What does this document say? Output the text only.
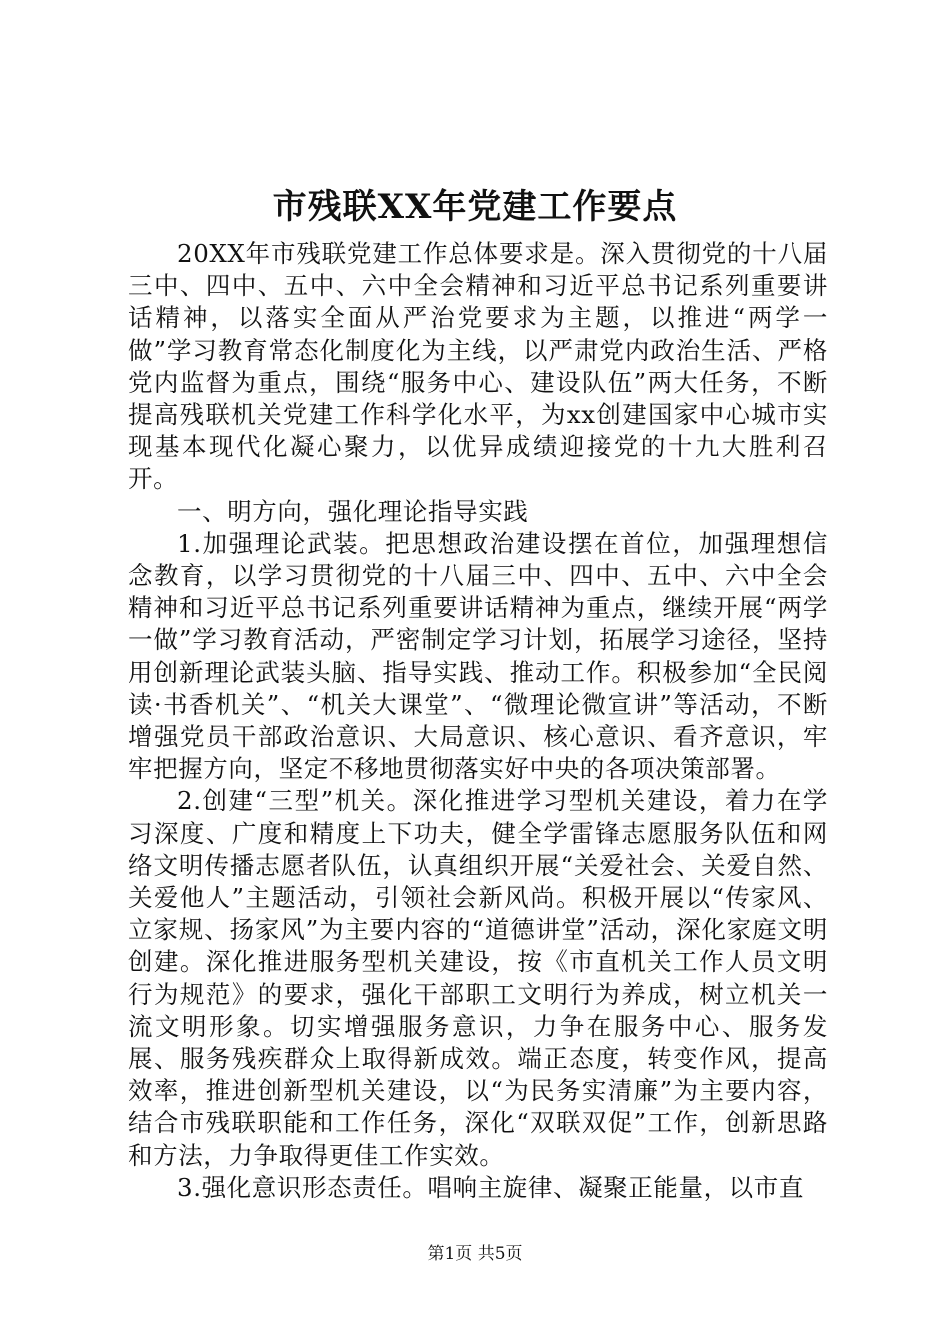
市残联XX年党建工作要点

20XX年市残联党建工作总体要求是。深入贯彻党的十八届三中、四中、五中、六中全会精神和习近平总书记系列重要讲话精神，以落实全面从严治党要求为主题，以推进“两学一做”学习教育常态化制度化为主线，以严肃党内政治生活、严格党内监督为重点，围绕“服务中心、建设队伍”两大任务，不断提高残联机关党建工作科学化水平，为xx创建国家中心城市实现基本现代化凝心聚力，以优异成绩迎接党的十九大胜利召开。

一、明方向，强化理论指导实践

1.加强理论武装。把思想政治建设摆在首位，加强理想信念教育，以学习贯彻党的十八届三中、四中、五中、六中全会精神和习近平总书记系列重要讲话精神为重点，继续开展“两学一做”学习教育活动，严密制定学习计划，拓展学习途径，坚持用创新理论武装头脑、指导实践、推动工作。积极参加“全民阅读·书香机关”、“机关大课堂”、“微理论微宣讲”等活动，不断增强党员干部政治意识、大局意识、核心意识、看齐意识，牢牢把握方向，坚定不移地贯彻落实好中央的各项决策部署。

2.创建“三型”机关。深化推进学习型机关建设，着力在学习深度、广度和精度上下功夫，健全学雷锋志愿服务队伍和网络文明传播志愿者队伍，认真组织开展“关爱社会、关爱自然、关爱他人”主题活动，引领社会新风尚。积极开展以“传家风、立家规、扬家风”为主要内容的“道德讲堂”活动，深化家庭文明创建。深化推进服务型机关建设，按《市直机关工作人员文明行为规范》的要求，强化干部职工文明行为养成，树立机关一流文明形象。切实增强服务意识，力争在服务中心、服务发展、服务残疾群众上取得新成效。端正态度，转变作风，提高效率，推进创新型机关建设，以“为民务实清廉”为主要内容，结合市残联职能和工作任务，深化“双联双促”工作，创新思路和方法，力争取得更佳工作实效。

3.强化意识形态责任。唱响主旋律、凝聚正能量，以市直

第1页 共5页
